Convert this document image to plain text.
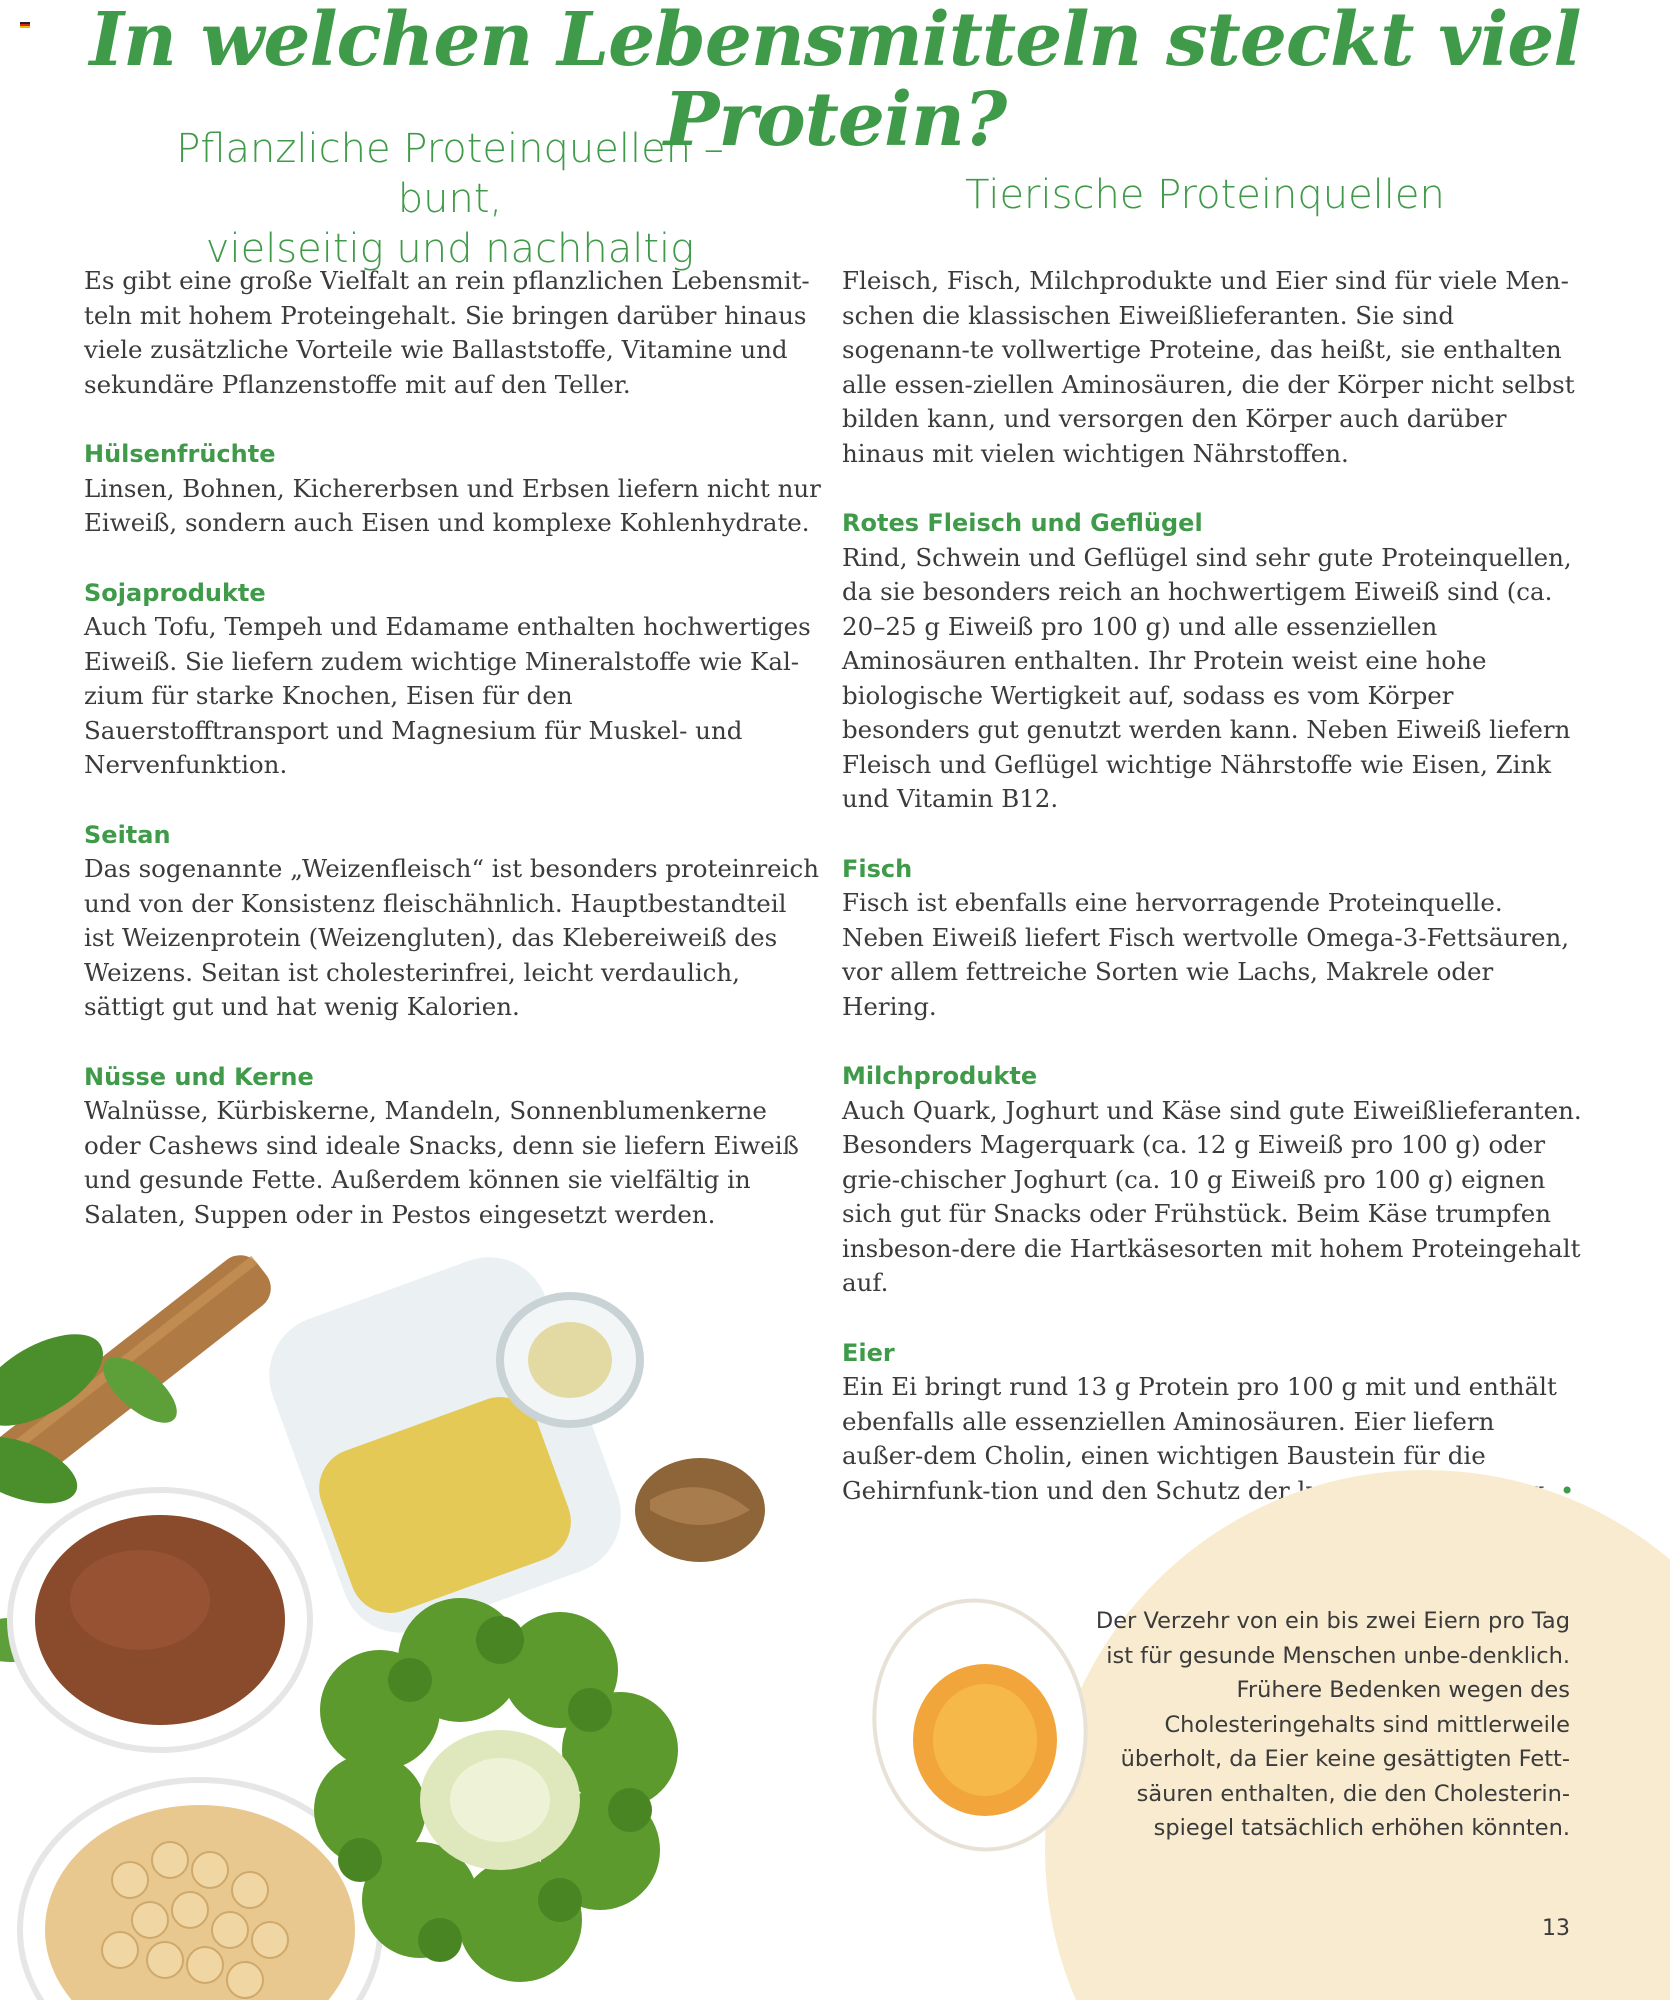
In welchen Lebensmitteln steckt viel Protein?
Pflanzliche Proteinquellen – bunt,
vielseitig und nachhaltig
Tierische Proteinquellen

Es gibt eine große Vielfalt an rein pflanzlichen Lebensmit-teln mit hohem Proteingehalt. Sie bringen darüber hinaus viele zusätzliche Vorteile wie Ballaststoffe, Vitamine und sekundäre Pflanzenstoffe mit auf den Teller.

Hülsenfrüchte
Linsen, Bohnen, Kichererbsen und Erbsen liefern nicht nur Eiweiß, sondern auch Eisen und komplexe Kohlenhydrate.

Sojaprodukte
Auch Tofu, Tempeh und Edamame enthalten hochwertiges Eiweiß. Sie liefern zudem wichtige Mineralstoffe wie Kal-zium für starke Knochen, Eisen für den Sauerstofftransport und Magnesium für Muskel- und Nervenfunktion.

Seitan
Das sogenannte „Weizenfleisch“ ist besonders proteinreich und von der Konsistenz fleischähnlich. Hauptbestandteil ist Weizenprotein (Weizengluten), das Klebereiweiß des Weizens. Seitan ist cholesterinfrei, leicht verdaulich, sättigt gut und hat wenig Kalorien.

Nüsse und Kerne
Walnüsse, Kürbiskerne, Mandeln, Sonnenblumenkerne oder Cashews sind ideale Snacks, denn sie liefern Eiweiß und gesunde Fette. Außerdem können sie vielfältig in Salaten, Suppen oder in Pestos eingesetzt werden.

Fleisch, Fisch, Milchprodukte und Eier sind für viele Men-schen die klassischen Eiweißlieferanten. Sie sind sogenann-te vollwertige Proteine, das heißt, sie enthalten alle essen-ziellen Aminosäuren, die der Körper nicht selbst bilden kann, und versorgen den Körper auch darüber hinaus mit vielen wichtigen Nährstoffen.

Rotes Fleisch und Geflügel
Rind, Schwein und Geflügel sind sehr gute Proteinquellen, da sie besonders reich an hochwertigem Eiweiß sind (ca. 20–25 g Eiweiß pro 100 g) und alle essenziellen Aminosäuren enthalten. Ihr Protein weist eine hohe biologische Wertigkeit auf, sodass es vom Körper besonders gut genutzt werden kann. Neben Eiweiß liefern Fleisch und Geflügel wichtige Nährstoffe wie Eisen, Zink und Vitamin B12.

Fisch
Fisch ist ebenfalls eine hervorragende Proteinquelle. Neben Eiweiß liefert Fisch wertvolle Omega-3-Fettsäuren, vor allem fettreiche Sorten wie Lachs, Makrele oder Hering.

Milchprodukte
Auch Quark, Joghurt und Käse sind gute Eiweißlieferanten. Besonders Magerquark (ca. 12 g Eiweiß pro 100 g) oder grie-chischer Joghurt (ca. 10 g Eiweiß pro 100 g) eignen sich gut für Snacks oder Frühstück. Beim Käse trumpfen insbeson-dere die Hartkäsesorten mit hohem Proteingehalt auf.

Eier
Ein Ei bringt rund 13 g Protein pro 100 g mit und enthält ebenfalls alle essenziellen Aminosäuren. Eier liefern außer-dem Cholin, einen wichtigen Baustein für die Gehirnfunk-tion und den Schutz der kognitiven Leistung. •

Der Verzehr von ein bis zwei Eiern pro Tag ist für gesunde Menschen unbe-denklich. Frühere Bedenken wegen des Cholesteringehalts sind mittlerweile überholt, da Eier keine gesättigten Fett-säuren enthalten, die den Cholesterin-spiegel tatsächlich erhöhen könnten.
13
